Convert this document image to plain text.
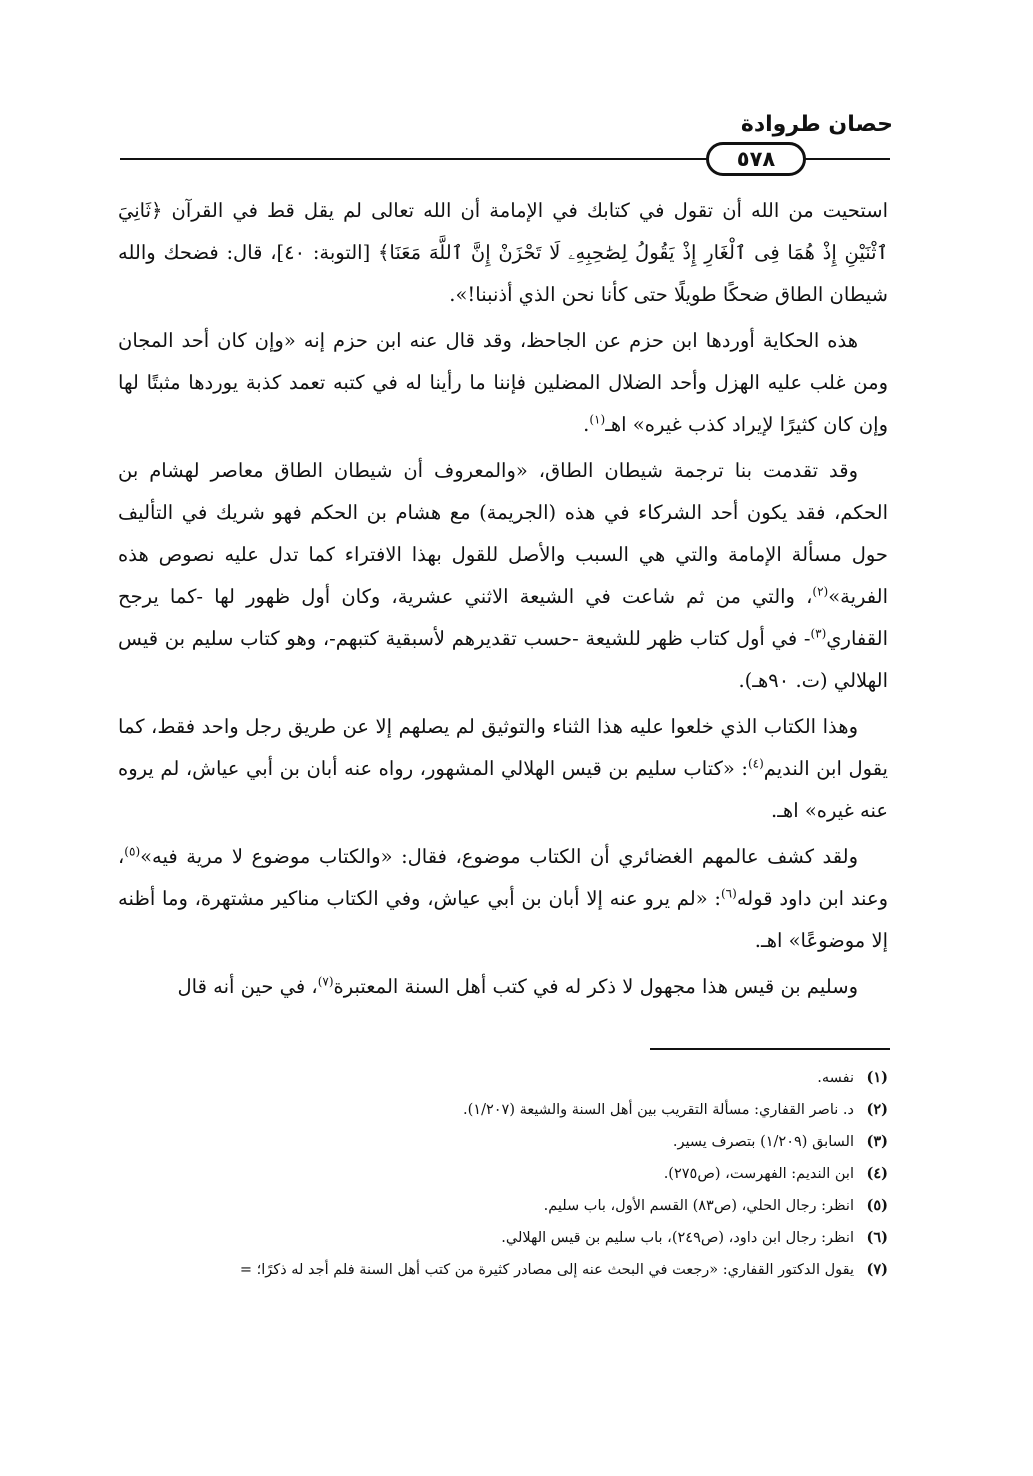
حصان طروادة
٥٧٨

استحيت من الله أن تقول في كتابك في الإمامة أن الله تعالى لم يقل قط في القرآن ﴿ثَانِيَ ٱثْنَيْنِ إِذْ هُمَا فِى ٱلْغَارِ إِذْ يَقُولُ لِصَٰحِبِهِۦ لَا تَحْزَنْ إِنَّ ٱللَّهَ مَعَنَا﴾ [التوبة: ٤٠]، قال: فضحك والله شيطان الطاق ضحكًا طويلًا حتى كأنا نحن الذي أذنبنا!».

هذه الحكاية أوردها ابن حزم عن الجاحظ، وقد قال عنه ابن حزم إنه «وإن كان أحد المجان ومن غلب عليه الهزل وأحد الضلال المضلين فإننا ما رأينا له في كتبه تعمد كذبة يوردها مثبتًا لها وإن كان كثيرًا لإيراد كذب غيره» اهـ$^{(١)}$.

وقد تقدمت بنا ترجمة شيطان الطاق، «والمعروف أن شيطان الطاق معاصر لهشام بن الحكم، فقد يكون أحد الشركاء في هذه (الجريمة) مع هشام بن الحكم فهو شريك في التأليف حول مسألة الإمامة والتي هي السبب والأصل للقول بهذا الافتراء كما تدل عليه نصوص هذه الفرية»$^{(٢)}$، والتي من ثم شاعت في الشيعة الاثني عشرية، وكان أول ظهور لها -كما يرجح القفاري$^{(٣)}$- في أول كتاب ظهر للشيعة -حسب تقديرهم لأسبقية كتبهم-، وهو كتاب سليم بن قيس الهلالي (ت. ٩٠هـ).

وهذا الكتاب الذي خلعوا عليه هذا الثناء والتوثيق لم يصلهم إلا عن طريق رجل واحد فقط، كما يقول ابن النديم$^{(٤)}$: «كتاب سليم بن قيس الهلالي المشهور، رواه عنه أبان بن أبي عياش، لم يروه عنه غيره» اهـ.

ولقد كشف عالمهم الغضائري أن الكتاب موضوع، فقال: «والكتاب موضوع لا مرية فيه»$^{(٥)}$، وعند ابن داود قوله$^{(٦)}$: «لم يرو عنه إلا أبان بن أبي عياش، وفي الكتاب مناكير مشتهرة، وما أظنه إلا موضوعًا» اهـ.

وسليم بن قيس هذا مجهول لا ذكر له في كتب أهل السنة المعتبرة$^{(٧)}$، في حين أنه قال

(١)
نفسه.
(٢)
د. ناصر القفاري: مسألة التقريب بين أهل السنة والشيعة (١/٢٠٧).
(٣)
السابق (١/٢٠٩) بتصرف يسير.
(٤)
ابن النديم: الفهرست، (ص٢٧٥).
(٥)
انظر: رجال الحلي، (ص٨٣) القسم الأول، باب سليم.
(٦)
انظر: رجال ابن داود، (ص٢٤٩)، باب سليم بن قيس الهلالي.
(٧)
يقول الدكتور القفاري: «رجعت في البحث عنه إلى مصادر كثيرة من كتب أهل السنة فلم أجد له ذكرًا؛ =
